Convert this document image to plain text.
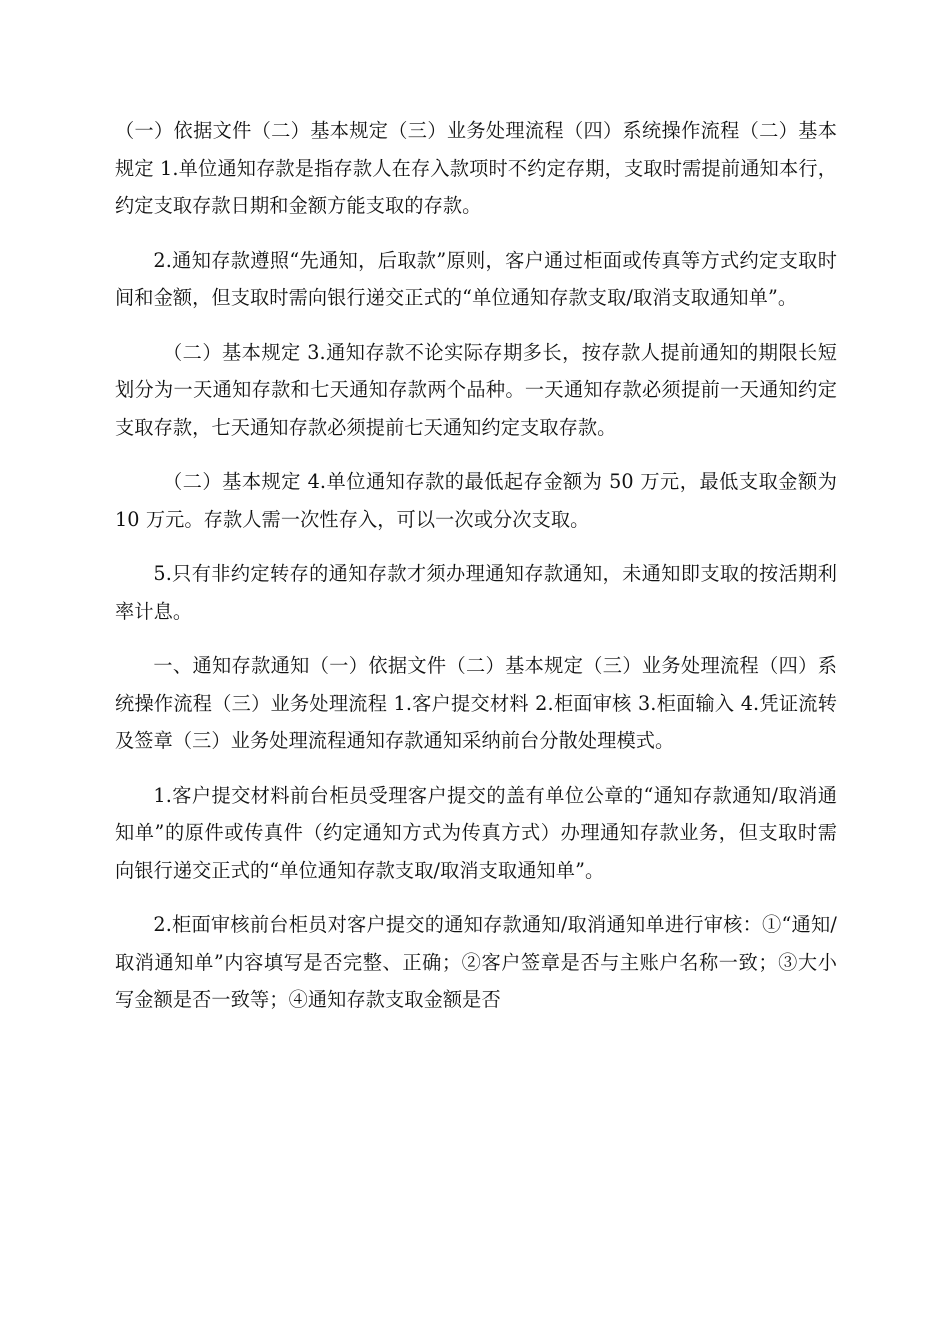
（一）依据文件（二）基本规定（三）业务处理流程（四）系统操作流程（二）基本规定 1.单位通知存款是指存款人在存入款项时不约定存期，支取时需提前通知本行，约定支取存款日期和金额方能支取的存款。

2.通知存款遵照“先通知，后取款”原则，客户通过柜面或传真等方式约定支取时间和金额，但支取时需向银行递交正式的“单位通知存款支取/取消支取通知单”。

（二）基本规定 3.通知存款不论实际存期多长，按存款人提前通知的期限长短划分为一天通知存款和七天通知存款两个品种。一天通知存款必须提前一天通知约定支取存款，七天通知存款必须提前七天通知约定支取存款。

（二）基本规定 4.单位通知存款的最低起存金额为 50 万元，最低支取金额为 10 万元。存款人需一次性存入，可以一次或分次支取。

5.只有非约定转存的通知存款才须办理通知存款通知，未通知即支取的按活期利率计息。

一、通知存款通知（一）依据文件（二）基本规定（三）业务处理流程（四）系统操作流程（三）业务处理流程 1.客户提交材料 2.柜面审核 3.柜面输入 4.凭证流转及签章（三）业务处理流程通知存款通知采纳前台分散处理模式。

1.客户提交材料前台柜员受理客户提交的盖有单位公章的“通知存款通知/取消通知单”的原件或传真件（约定通知方式为传真方式）办理通知存款业务，但支取时需向银行递交正式的“单位通知存款支取/取消支取通知单”。

2.柜面审核前台柜员对客户提交的通知存款通知/取消通知单进行审核：①“通知/取消通知单”内容填写是否完整、正确；②客户签章是否与主账户名称一致；③大小写金额是否一致等；④通知存款支取金额是否
